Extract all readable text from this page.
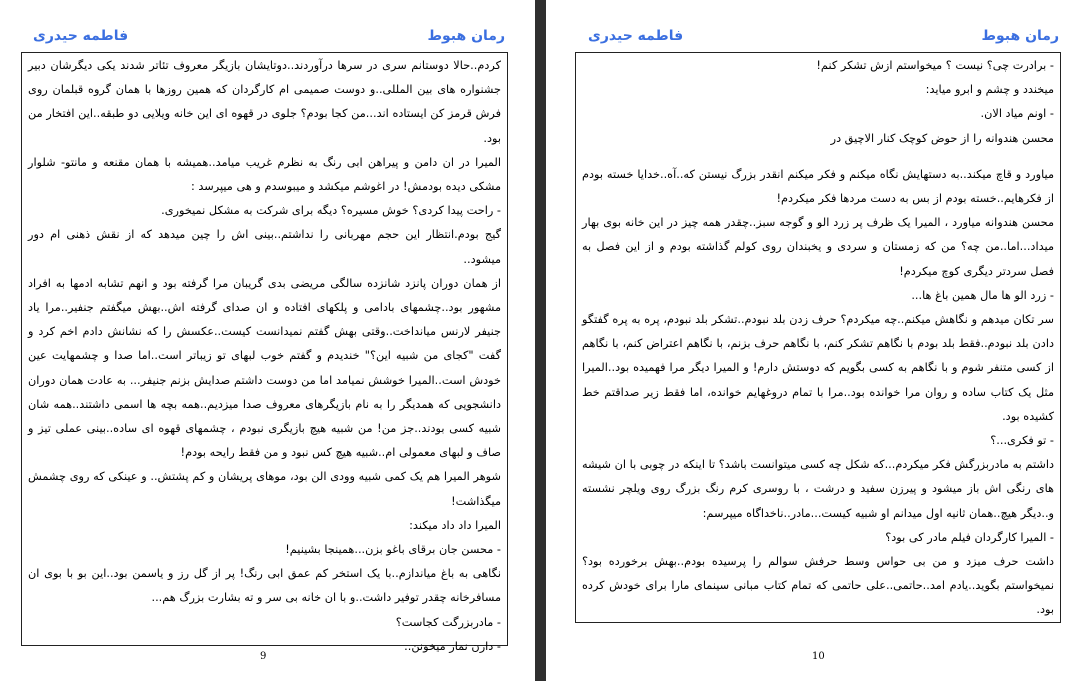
رمان هبوط
فاطمه حیدری

کردم..حالا دوستانم سری در سرها درآوردند..دوتایشان بازیگر معروف تئاتر شدند یکی دیگرشان دبیر جشنواره های بین المللی..و دوست صمیمی ام کارگردان که همین روزها با همان گروه قبلمان روی فرش قرمز کن ایستاده اند...من کجا بودم؟ جلوی در قهوه ای این خانه ویلایی دو طبقه..این افتخار من بود.

المیرا در ان دامن و پیراهن ابی رنگ به نظرم غریب میامد..همیشه با همان مقنعه و مانتو- شلوار مشکی دیده بودمش! در اغوشم میکشد و میبوسدم و هی میپرسد :

- راحت پیدا کردی؟ خوش مسیره؟ دیگه برای شرکت به مشکل نمیخوری.

گیج بودم.انتظار این حجم مهربانی را نداشتم..بینی اش را چین میدهد که از نقش ذهنی ام دور میشود..

از همان دوران پانزد شانزده سالگی مریضی بدی گریبان مرا گرفته بود و انهم تشابه ادمها به افراد مشهور بود..چشمهای بادامی و پلکهای افتاده و ان صدای گرفته اش..بهش میگفتم جنفیر..مرا یاد جنیفر لارنس میانداخت..وقتی بهش گفتم نمیدانست کیست..عکسش را که نشانش دادم اخم کرد و گفت "کجای من شبیه این؟" خندیدم و گفتم خوب لبهای تو زیباتر است..اما صدا و چشمهایت عین خودش است..المیرا خوشش نمیامد اما من دوست داشتم صدایش بزنم جنیفر... به عادت همان دوران دانشجویی که همدیگر را به نام بازیگرهای معروف صدا میزدیم..همه بچه ها اسمی داشتند..همه شان شبیه کسی بودند..جز من! من شبیه هیچ بازیگری نبودم ، چشمهای قهوه ای ساده..بینی عملی تیز و صاف و لبهای معمولی ام..شبیه هیچ کس نبود و من فقط رایحه بودم!

شوهر المیرا هم یک کمی شبیه وودی الن بود، موهای پریشان و کم پشتش.. و عینکی که روی چشمش میگذاشت!

المیرا داد داد میکند:

- محسن جان برقای باغو بزن...همینجا بشینیم!

نگاهی به باغ میاندازم..با یک استخر کم عمق ابی رنگ! پر از گل رز و یاسمن بود..این بو با بوی ان مسافرخانه چقدر توفیر داشت..و با ان خانه بی سر و ته بشارت بزرگ هم...

- مادربزرگت کجاست؟

- دارن نماز میخونن..

9
رمان هبوط
فاطمه حیدری

- برادرت چی؟ نیست ؟ میخواستم ازش تشکر کنم!

میخندد و چشم و ابرو میاید:

- اونم میاد الان.

محسن هندوانه را از حوض کوچک کنار الاچیق در

میاورد و قاچ میکند..به دستهایش نگاه میکنم و فکر میکنم انقدر بزرگ نیستن که..آه..خدایا خسته بودم از فکرهایم..خسته بودم از بس به دست مردها فکر میکردم!

محسن هندوانه میاورد ، المیرا یک ظرف پر زرد الو و گوجه سبز..چقدر همه چیز در این خانه بوی بهار میداد...اما..من چه؟ من که زمستان و سردی و یخبندان روی کولم گذاشته بودم و از این فصل به فصل سردتر دیگری کوچ میکردم!

- زرد الو ها مال همین باغ ها...

سر تکان میدهم و نگاهش میکنم..چه میکردم؟ حرف زدن بلد نبودم..تشکر بلد نبودم، پره به پره گفتگو دادن بلد نبودم..فقط بلد بودم با نگاهم تشکر کنم، با نگاهم حرف بزنم، با نگاهم اعتراض کنم، با نگاهم از کسی متنفر شوم و با نگاهم به کسی بگویم که دوستش دارم! و المیرا دیگر مرا فهمیده بود..المیرا مثل یک کتاب ساده و روان مرا خوانده بود..مرا با تمام دروغهایم خوانده، اما فقط زیر صداقتم خط کشیده بود.

- تو فکری...؟

داشتم به مادربزرگش فکر میکردم...که شکل چه کسی میتوانست باشد؟ تا اینکه در چوبی با ان شیشه های رنگی اش باز میشود و پیرزن سفید و درشت ، با روسری کرم رنگ بزرگ روی ویلچر نشسته و..دیگر هیچ..همان ثانیه اول میدانم او شبیه کیست...مادر..ناخداگاه میپرسم:

- المیرا کارگردان فیلم مادر کی بود؟

داشت حرف میزد و من بی حواس وسط حرفش سوالم را پرسیده بودم..بهش برخورده بود؟ نمیخواستم بگوید..یادم امد..حاتمی..علی حاتمی که تمام کتاب مبانی سینمای مارا برای خودش کرده بود.

10
